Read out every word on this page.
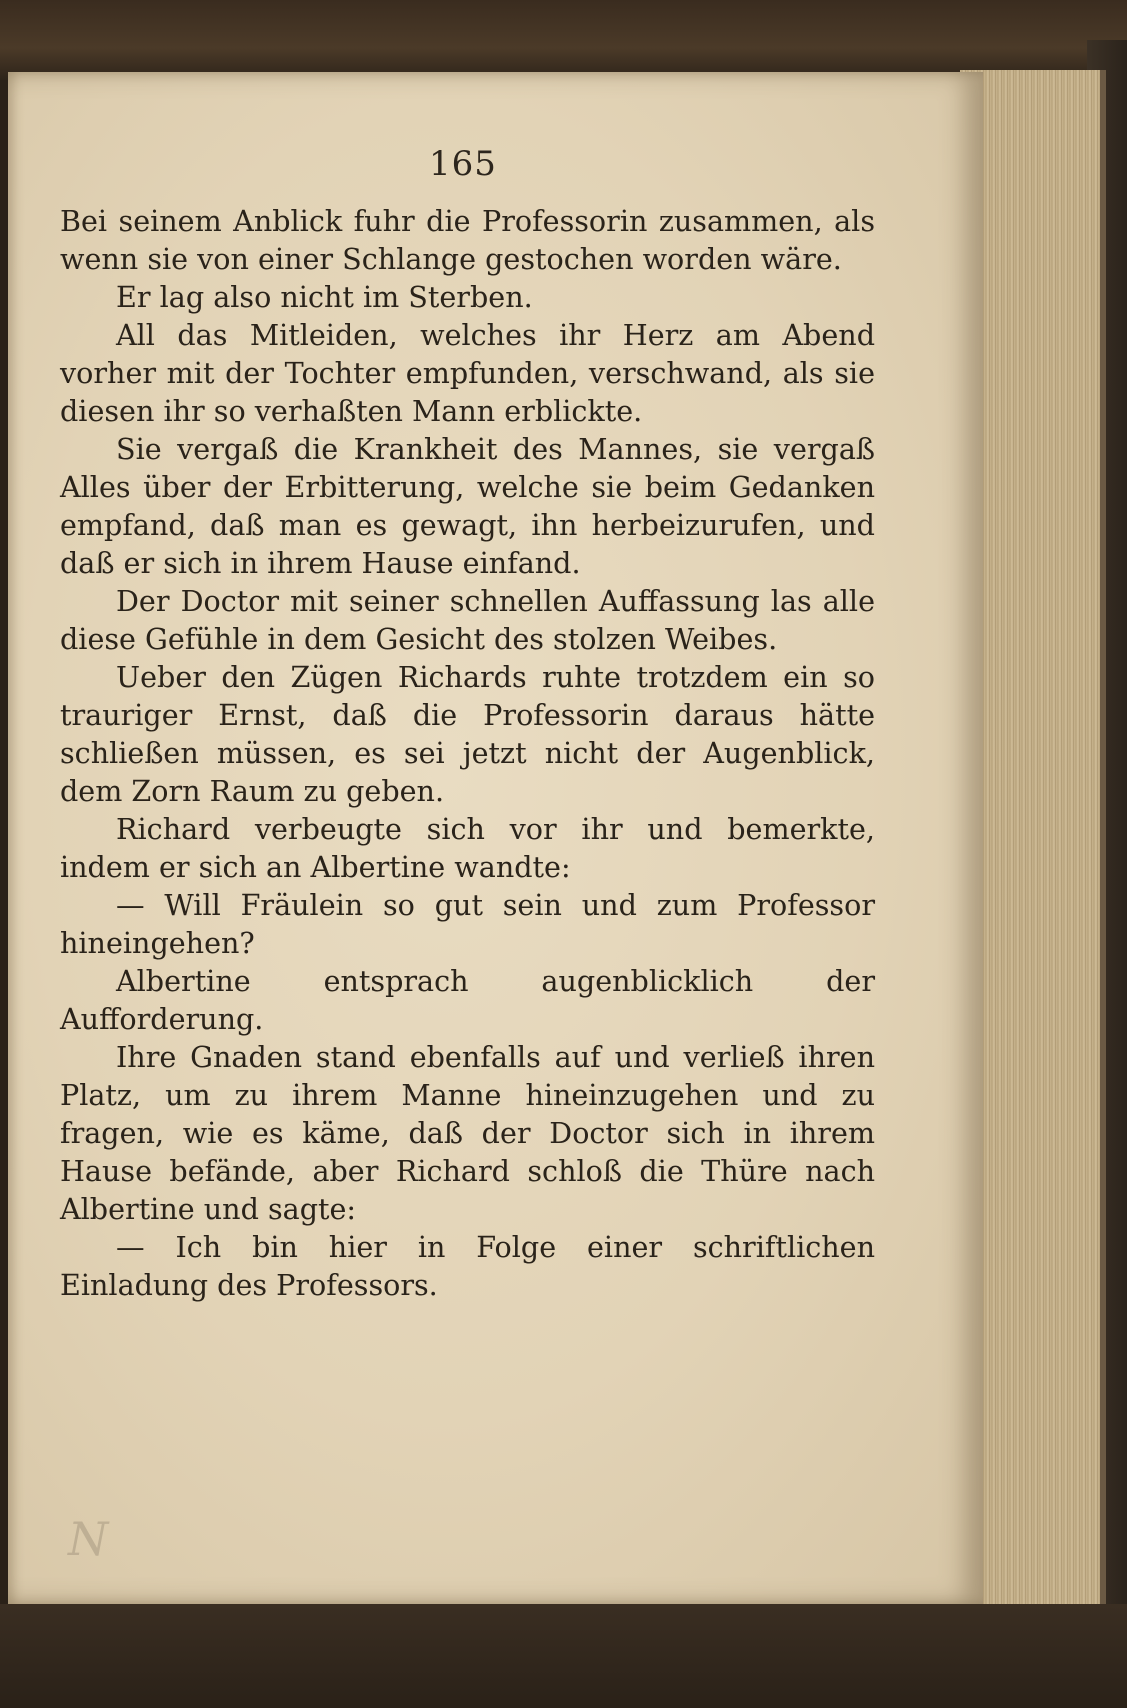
165

Bei seinem Anblick fuhr die Professorin zusammen, als wenn sie von einer Schlange gestochen worden wäre.

Er lag also nicht im Sterben.

All das Mitleiden, welches ihr Herz am Abend vorher mit der Tochter empfunden, verschwand, als sie diesen ihr so verhaßten Mann erblickte.

Sie vergaß die Krankheit des Mannes, sie vergaß Alles über der Erbitterung, welche sie beim Gedanken empfand, daß man es gewagt, ihn herbeizurufen, und daß er sich in ihrem Hause einfand.

Der Doctor mit seiner schnellen Auffassung las alle diese Gefühle in dem Gesicht des stolzen Weibes.

Ueber den Zügen Richards ruhte trotzdem ein so trauriger Ernst, daß die Professorin daraus hätte schließen müssen, es sei jetzt nicht der Augenblick, dem Zorn Raum zu geben.

Richard verbeugte sich vor ihr und bemerkte, indem er sich an Albertine wandte:

— Will Fräulein so gut sein und zum Professor hineingehen?

Albertine entsprach augenblicklich der Aufforderung.

Ihre Gnaden stand ebenfalls auf und verließ ihren Platz, um zu ihrem Manne hineinzugehen und zu fragen, wie es käme, daß der Doctor sich in ihrem Hause befände, aber Richard schloß die Thüre nach Albertine und sagte:

— Ich bin hier in Folge einer schriftlichen Einladung des Professors.

N
